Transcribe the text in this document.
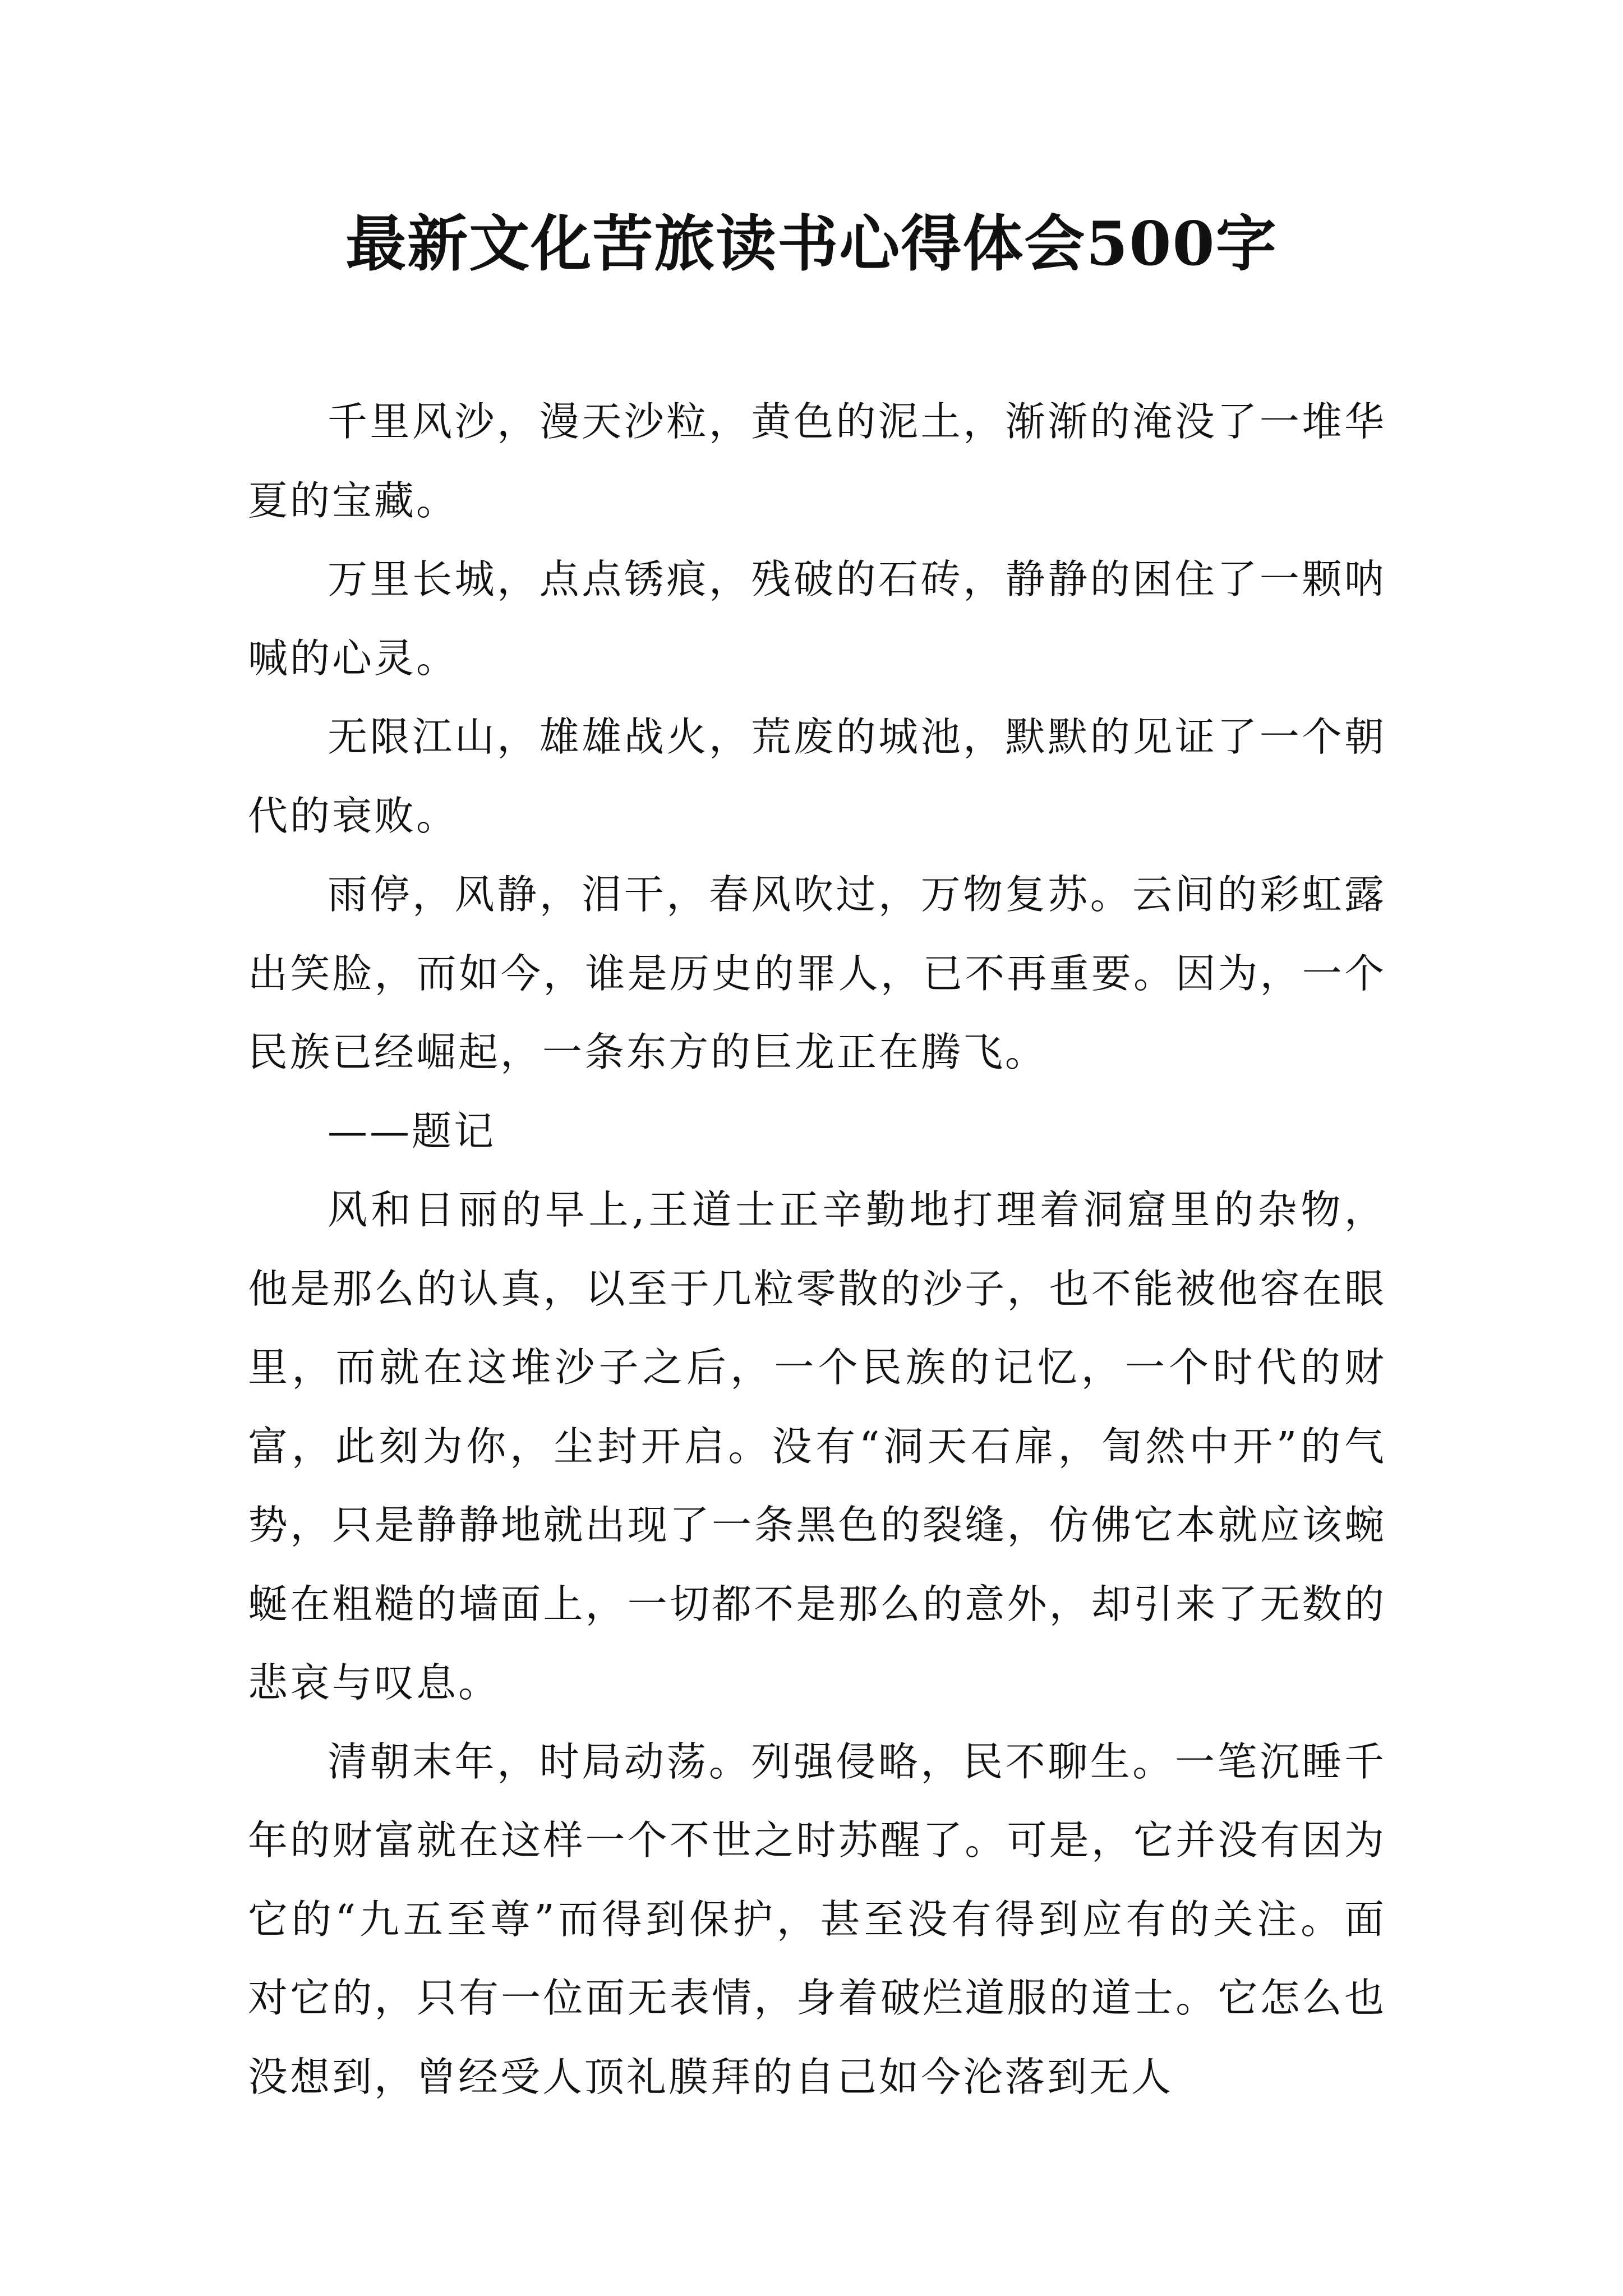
最新文化苦旅读书心得体会500字

千里风沙，漫天沙粒，黄色的泥土，渐渐的淹没了一堆华夏的宝藏。

万里长城，点点锈痕，残破的石砖，静静的困住了一颗呐喊的心灵。

无限江山，雄雄战火，荒废的城池，默默的见证了一个朝代的衰败。

雨停，风静，泪干，春风吹过，万物复苏。云间的彩虹露出笑脸，而如今，谁是历史的罪人，已不再重要。因为，一个民族已经崛起，一条东方的巨龙正在腾飞。

——题记

风和日丽的早上,王道士正辛勤地打理着洞窟里的杂物，他是那么的认真，以至于几粒零散的沙子，也不能被他容在眼里，而就在这堆沙子之后，一个民族的记忆，一个时代的财富，此刻为你，尘封开启。没有“洞天石扉，訇然中开”的气势，只是静静地就出现了一条黑色的裂缝，仿佛它本就应该蜿蜒在粗糙的墙面上，一切都不是那么的意外，却引来了无数的悲哀与叹息。

清朝末年，时局动荡。列强侵略，民不聊生。一笔沉睡千年的财富就在这样一个不世之时苏醒了。可是，它并没有因为它的“九五至尊”而得到保护，甚至没有得到应有的关注。面对它的，只有一位面无表情，身着破烂道服的道士。它怎么也没想到，曾经受人顶礼膜拜的自己如今沦落到无人
